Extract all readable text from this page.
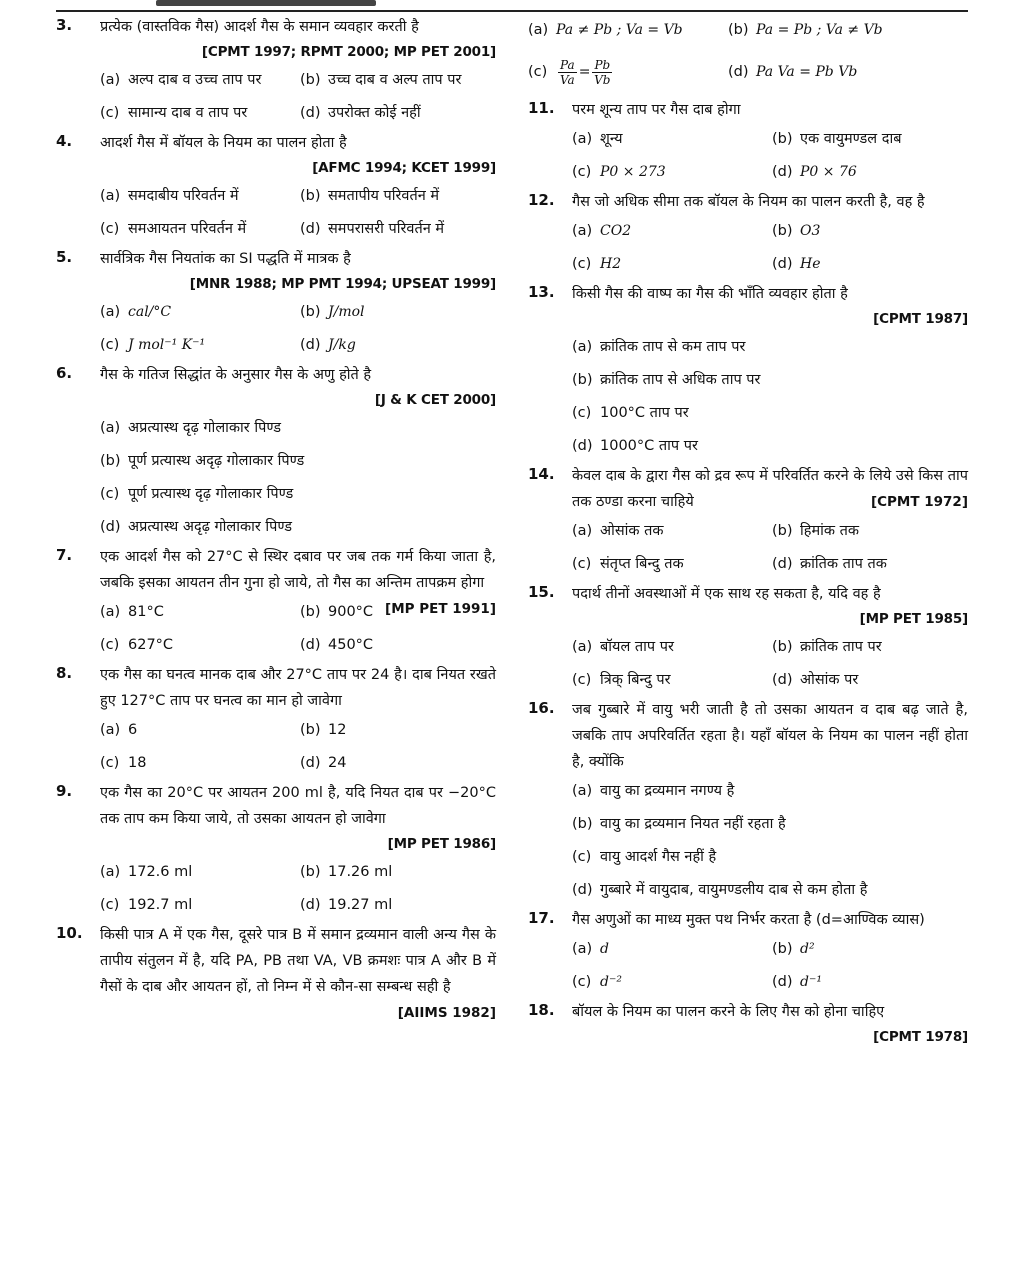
3.	प्रत्येक (वास्तविक गैस) आदर्श गैस के समान व्यवहार करती है
[CPMT 1997; RPMT 2000; MP PET 2001]
(a) अल्प दाब व उच्च ताप पर	(b) उच्च दाब व अल्प ताप पर
(c) सामान्य दाब व ताप पर	(d) उपरोक्त कोई नहीं
4.	आदर्श गैस में बॉयल के नियम का पालन होता है
[AFMC 1994; KCET 1999]
(a) समदाबीय परिवर्तन में	(b) समतापीय परिवर्तन में
(c) समआयतन परिवर्तन में	(d) समपरासरी परिवर्तन में
5.	सार्वत्रिक गैस नियतांक का SI पद्धति में मात्रक है
[MNR 1988; MP PMT 1994; UPSEAT 1999]
(a) cal/°C	(b) J/mol
(c) J mol⁻¹ K⁻¹	(d) J/kg
6.	गैस के गतिज सिद्धांत के अनुसार गैस के अणु होते है
[J & K CET 2000]
(a) अप्रत्यास्थ दृढ़ गोलाकार पिण्ड
(b) पूर्ण प्रत्यास्थ अदृढ़ गोलाकार पिण्ड
(c) पूर्ण प्रत्यास्थ दृढ़ गोलाकार पिण्ड
(d) अप्रत्यास्थ अदृढ़ गोलाकार पिण्ड
7.	एक आदर्श गैस को 27°C से स्थिर दबाव पर जब तक गर्म किया जाता है, जबकि इसका आयतन तीन गुना हो जाये, तो गैस का अन्तिम तापक्रम होगा
[MP PET 1991]
(a) 81°C	(b) 900°C
(c) 627°C	(d) 450°C
8.	एक गैस का घनत्व मानक दाब और 27°C ताप पर 24 है। दाब नियत रखते हुए 127°C ताप पर घनत्व का मान हो जावेगा
(a) 6	(b) 12
(c) 18	(d) 24
9.	एक गैस का 20°C पर आयतन 200 ml है, यदि नियत दाब पर −20°C तक ताप कम किया जाये, तो उसका आयतन हो जावेगा
[MP PET 1986]
(a) 172.6 ml	(b) 17.26 ml
(c) 192.7 ml	(d) 19.27 ml
10.	किसी पात्र A में एक गैस, दूसरे पात्र B में समान द्रव्यमान वाली अन्य गैस के तापीय संतुलन में है, यदि PA, PB तथा VA, VB क्रमशः पात्र A और B में गैसों के दाब और आयतन हों, तो निम्न में से कौन-सा सम्बन्ध सही है
[AIIMS 1982]
(a) Pa ≠ Pb ; Va = Vb	(b) Pa = Pb ; Va ≠ Vb
$(c) \frac{Pa}{Va} = \frac{Pb}{Vb}$	(d) Pa Va = Pb Vb
11.	परम शून्य ताप पर गैस दाब होगा
(a) शून्य	(b) एक वायुमण्डल दाब
(c) P0 × 273	(d) P0 × 76
12.	गैस जो अधिक सीमा तक बॉयल के नियम का पालन करती है, वह है
(a) CO2	(b) O3
(c) H2	(d) He
13.	किसी गैस की वाष्प का गैस की भाँति व्यवहार होता है
[CPMT 1987]
(a) क्रांतिक ताप से कम ताप पर
(b) क्रांतिक ताप से अधिक ताप पर
(c) 100°C ताप पर
(d) 1000°C ताप पर
14.	केवल दाब के द्वारा गैस को द्रव रूप में परिवर्तित करने के लिये उसे किस ताप तक ठण्डा करना चाहिये	[CPMT 1972]
(a) ओसांक तक	(b) हिमांक तक
(c) संतृप्त बिन्दु तक	(d) क्रांतिक ताप तक
15.	पदार्थ तीनों अवस्थाओं में एक साथ रह सकता है, यदि वह है
[MP PET 1985]
(a) बॉयल ताप पर	(b) क्रांतिक ताप पर
(c) त्रिक् बिन्दु पर	(d) ओसांक पर
16.	जब गुब्बारे में वायु भरी जाती है तो उसका आयतन व दाब बढ़ जाते है, जबकि ताप अपरिवर्तित रहता है। यहाँ बॉयल के नियम का पालन नहीं होता है, क्योंकि
(a) वायु का द्रव्यमान नगण्य है
(b) वायु का द्रव्यमान नियत नहीं रहता है
(c) वायु आदर्श गैस नहीं है
(d) गुब्बारे में वायुदाब, वायुमण्डलीय दाब से कम होता है
17.	गैस अणुओं का माध्य मुक्त पथ निर्भर करता है (d=आण्विक व्यास)
(a) d	(b) d²
(c) d⁻²	(d) d⁻¹
18.	बॉयल के नियम का पालन करने के लिए गैस को होना चाहिए
[CPMT 1978]
